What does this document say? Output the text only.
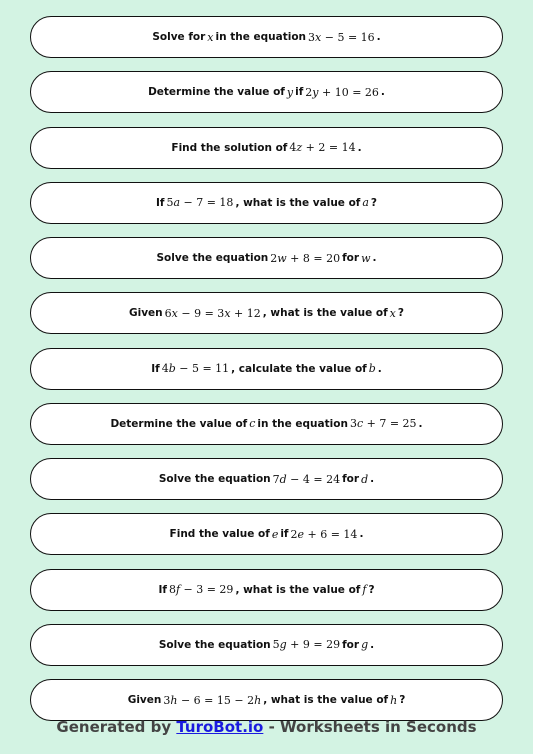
Solve for x in the equation 3x − 5 = 16 .
Determine the value of y if 2y + 10 = 26 .
Find the solution of 4z + 2 = 14 .
If 5a − 7 = 18 , what is the value of a ?
Solve the equation 2w + 8 = 20 for w .
Given 6x − 9 = 3x + 12 , what is the value of x ?
If 4b − 5 = 11 , calculate the value of b .
Determine the value of c in the equation 3c + 7 = 25 .
Solve the equation 7d − 4 = 24 for d .
Find the value of e if 2e + 6 = 14 .
If 8f − 3 = 29 , what is the value of f ?
Solve the equation 5g + 9 = 29 for g .
Given 3h − 6 = 15 − 2h , what is the value of h ?
Generated by TuroBot.io - Worksheets in Seconds
